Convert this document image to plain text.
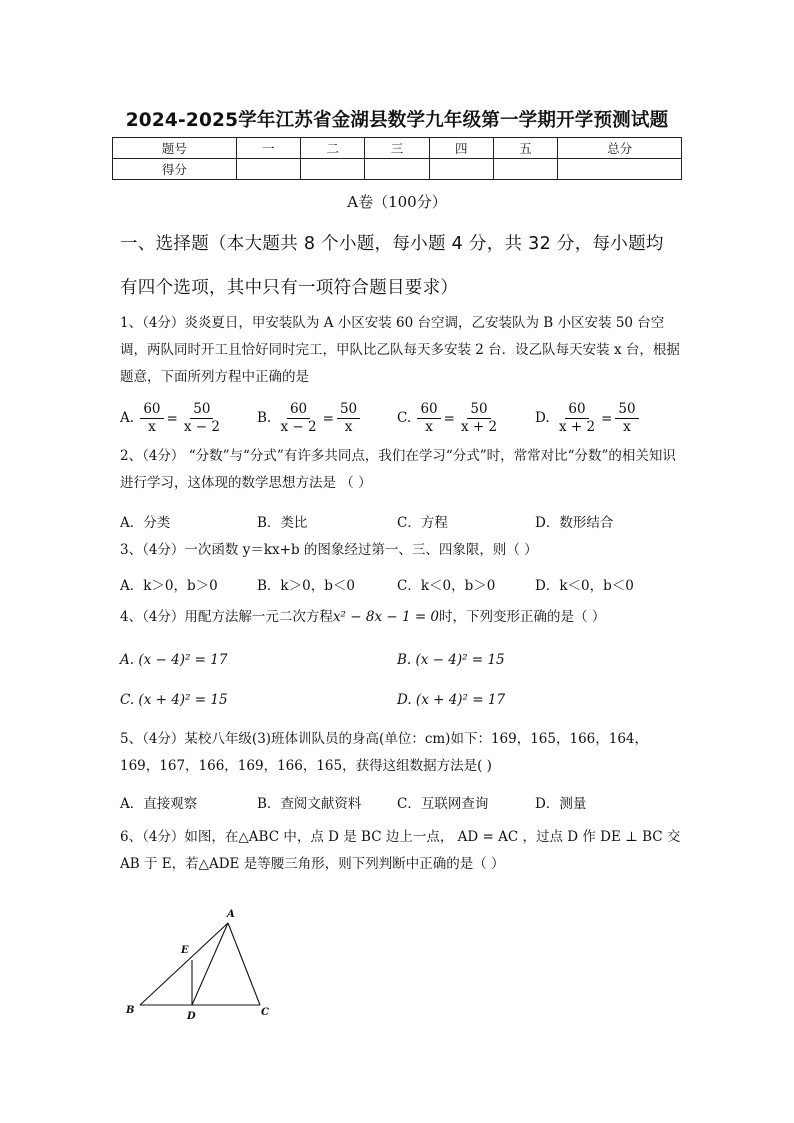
2024-2025学年江苏省金湖县数学九年级第一学期开学预测试题
题号	一	二	三	四	五	总分
得分						
A卷（100分）
一、选择题（本大题共 8 个小题，每小题 4 分，共 32 分，每小题均
有四个选项，其中只有一项符合题目要求）
1、（4分）炎炎夏日，甲安装队为 A 小区安装 60 台空调，乙安装队为 B 小区安装 50 台空调，两队同时开工且恰好同时完工，甲队比乙队每天多安装 2 台．设乙队每天安装 x 台，根据题意，下面所列方程中正确的是
A. $\frac{60}{x} = \frac{50}{x - 2}$	B. $\frac{60}{x - 2} = \frac{50}{x}$	C. $\frac{60}{x} = \frac{50}{x + 2}$	D. $\frac{60}{x + 2} = \frac{50}{x}$
2、（4分） “分数”与“分式”有许多共同点，我们在学习“分式”时，常常对比“分数”的相关知识进行学习，这体现的数学思想方法是 （ ）
A．分类	B．类比	C．方程	D．数形结合
3、（4分）一次函数 y＝kx+b 的图象经过第一、三、四象限，则（ ）
A．k＞0，b＞0	B．k＞0，b＜0	C．k＜0，b＞0	D．k＜0，b＜0
4、（4分）用配方法解一元二次方程x² − 8x − 1 = 0时，下列变形正确的是（ ）
A. (x − 4)² = 17	B. (x − 4)² = 15
C. (x + 4)² = 15	D. (x + 4)² = 17
5、（4分）某校八年级(3)班体训队员的身高(单位：cm)如下：169，165，166，164，169，167，166，169，166，165，获得这组数据方法是( )
A．直接观察	B．查阅文献资料	C．互联网查询	D．测量
6、（4分）如图，在△ABC 中，点 D 是 BC 边上一点， AD = AC ，过点 D 作 DE ⊥ BC 交 AB 于 E，若△ADE 是等腰三角形，则下列判断中正确的是（ ）
A
B	C
D
E
